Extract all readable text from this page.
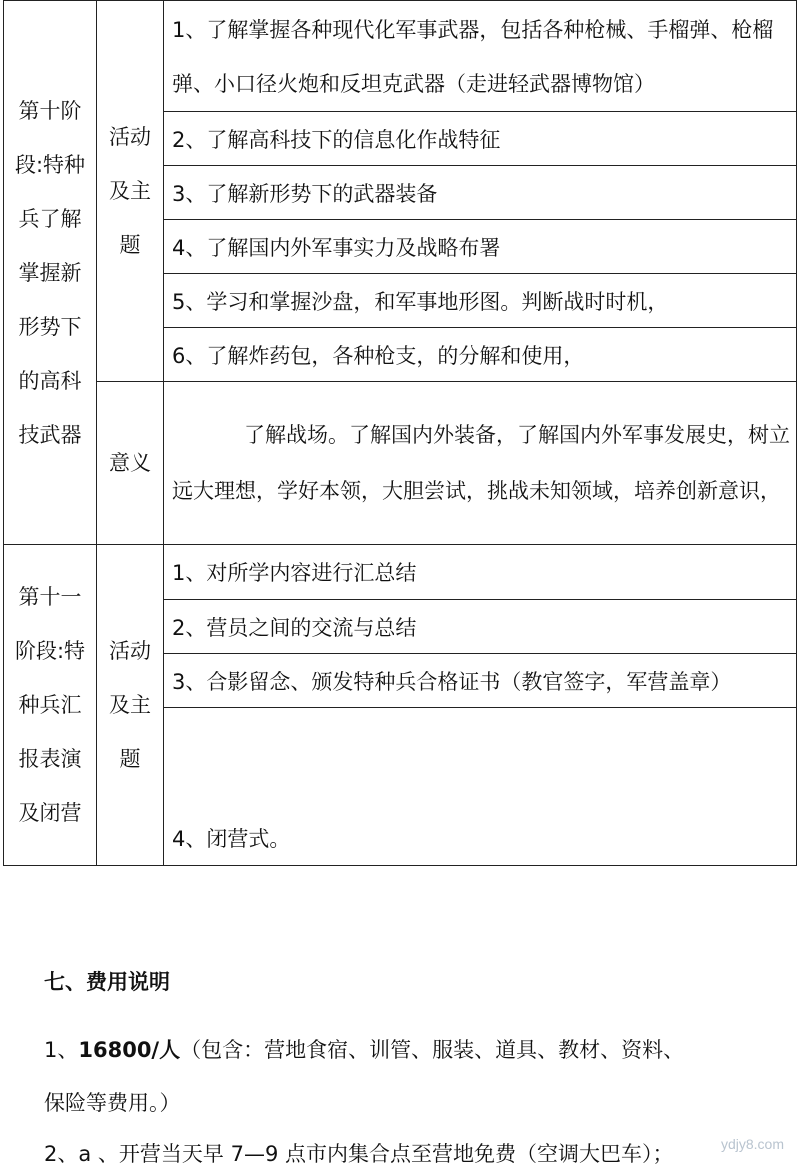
第十阶段:特种兵了解掌握新形势下的高科技武器	活动及主题	1、了解掌握各种现代化军事武器，包括各种枪械、手榴弹、枪榴弹、小口径火炮和反坦克武器（走进轻武器博物馆）
		2、了解高科技下的信息化作战特征
		3、了解新形势下的武器装备
		4、了解国内外军事实力及战略布署
		5、学习和掌握沙盘，和军事地形图。判断战时时机，
		6、了解炸药包，各种枪支，的分解和使用，
	意义	了解战场。了解国内外装备，了解国内外军事发展史，树立远大理想，学好本领，大胆尝试，挑战未知领域，培养创新意识，

第十一阶段:特种兵汇报表演及闭营	活动及主题	1、对所学内容进行汇总结
		2、营员之间的交流与总结
		3、合影留念、颁发特种兵合格证书（教官签字，军营盖章）
		4、闭营式。
七、费用说明
1、16800/人（包含：营地食宿、训管、服装、道具、教材、资料、
保险等费用。）
2、a 、开营当天早 7—9 点市内集合点至营地免费（空调大巴车）；	ydjy8.com
